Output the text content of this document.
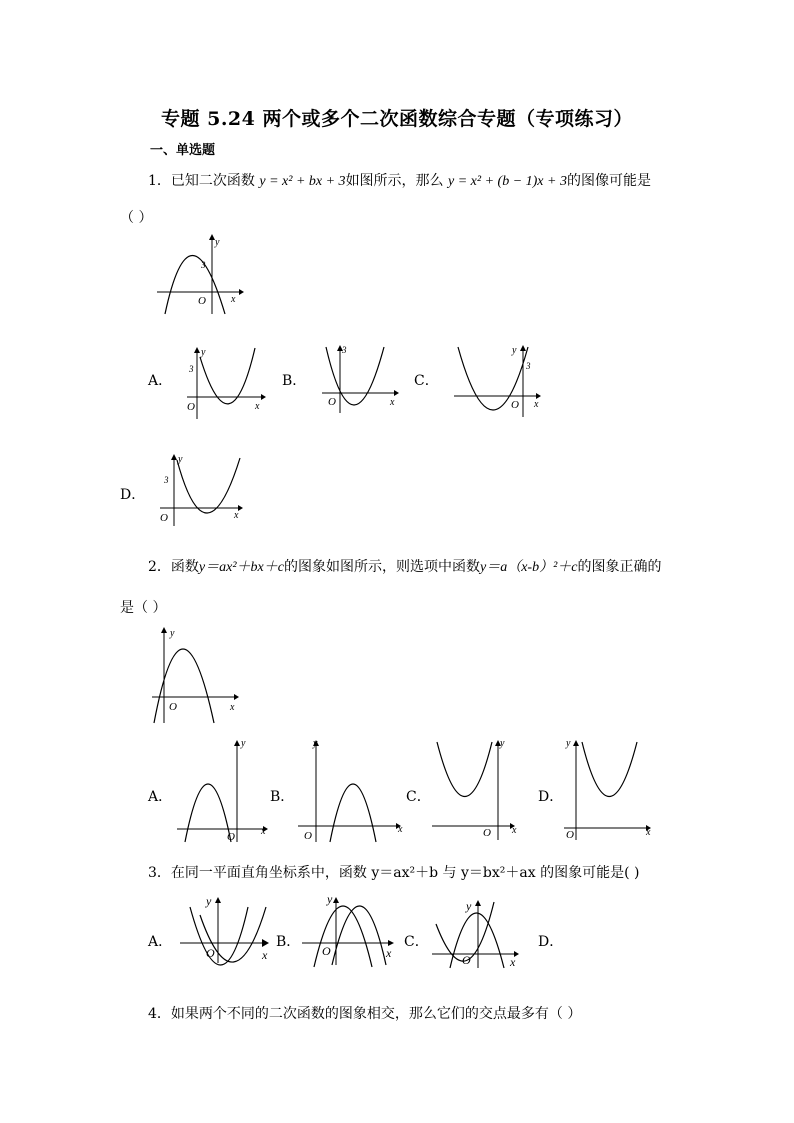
专题 5.24 两个或多个二次函数综合专题（专项练习）
一、单选题
1．已知二次函数 y = x² + bx + 3如图所示，那么 y = x² + (b − 1)x + 3的图像可能是
（ ）
y
3
O	x
A．
y
3
O	x
B．
3
O	x
C．
y
3
O x
D．
y
3
O	x
2．函数y＝ax²＋bx＋c的图象如图所示，则选项中函数y＝a（x-b）²＋c的图象正确的
是（ ）
y
O	x
A．
y
O	x
B．
y
O
x
C．
y
O x
D．
y
O	x
3．在同一平面直角坐标系中，函数 y＝ax²＋b 与 y＝bx²＋ax 的图象可能是( )
A．
y
O	x
B．
y
O	x
C．
y
O	x
D．
4．如果两个不同的二次函数的图象相交，那么它们的交点最多有（ ）
